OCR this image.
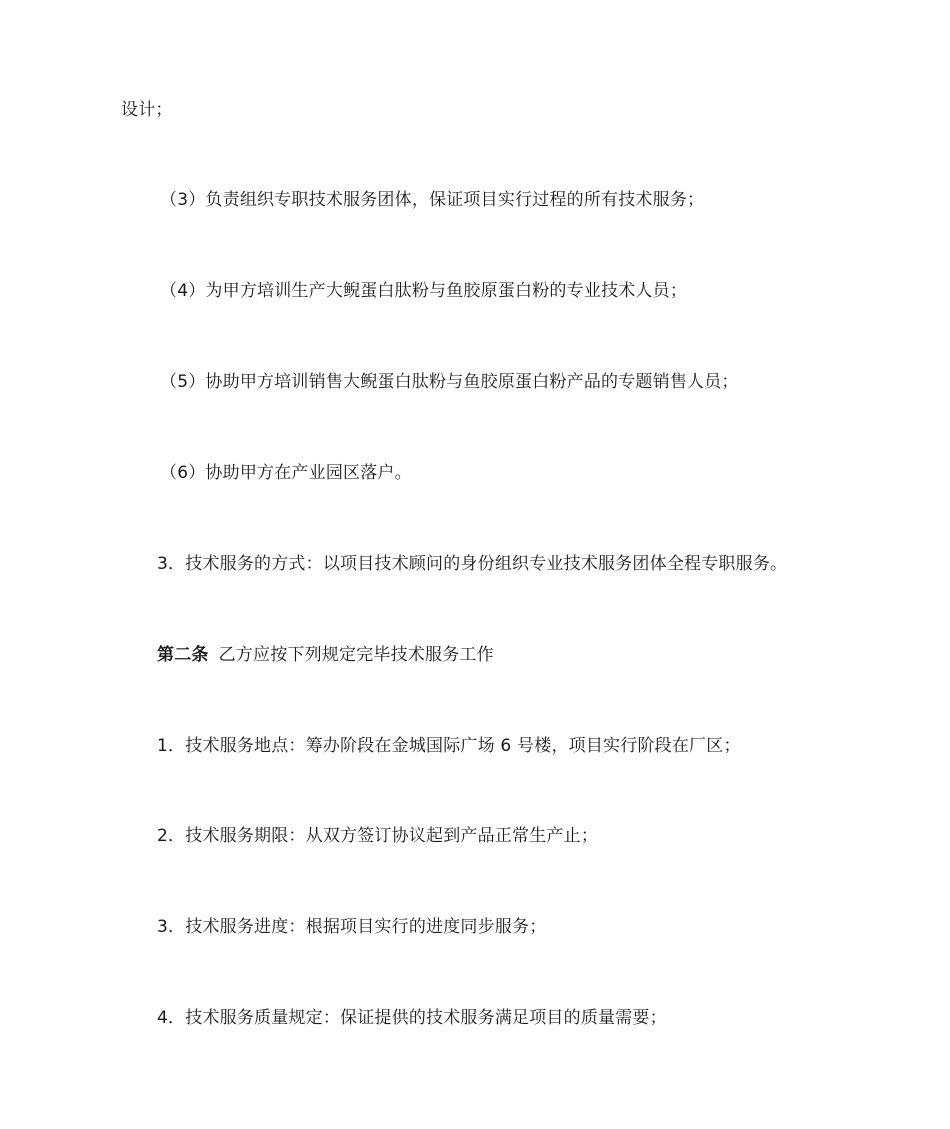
设计；
（3）负责组织专职技术服务团体，保证项目实行过程的所有技术服务；
（4）为甲方培训生产大鲵蛋白肽粉与鱼胶原蛋白粉的专业技术人员；
（5）协助甲方培训销售大鲵蛋白肽粉与鱼胶原蛋白粉产品的专题销售人员；
（6）协助甲方在产业园区落户。
3．技术服务的方式：以项目技术顾问的身份组织专业技术服务团体全程专职服务。
第二条 乙方应按下列规定完毕技术服务工作
1．技术服务地点：筹办阶段在金城国际广场 6 号楼，项目实行阶段在厂区；
2．技术服务期限：从双方签订协议起到产品正常生产止；
3．技术服务进度：根据项目实行的进度同步服务；
4．技术服务质量规定：保证提供的技术服务满足项目的质量需要；
